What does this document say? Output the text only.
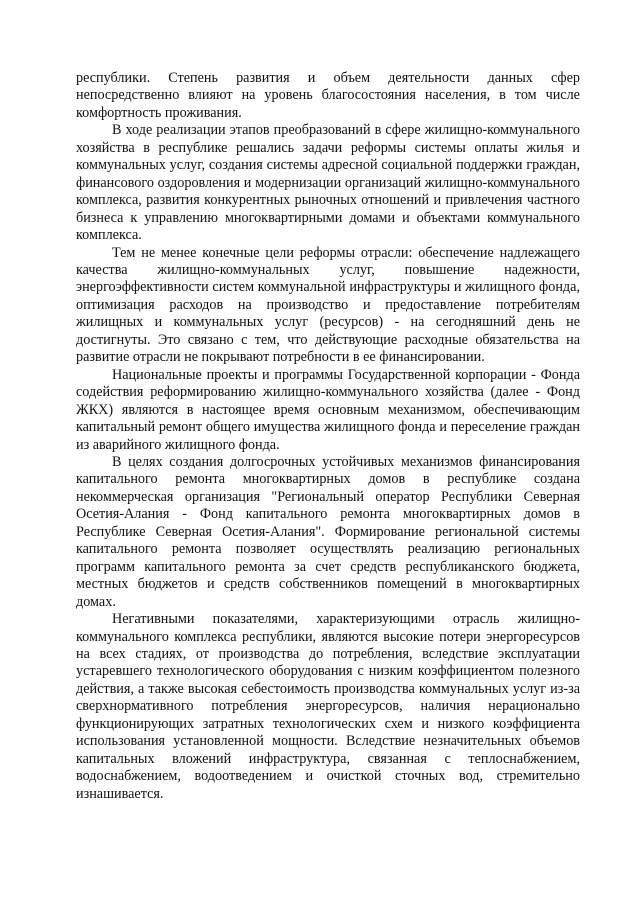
республики. Степень развития и объем деятельности данных сфер непосредственно влияют на уровень благосостояния населения, в том числе комфортность проживания.

В ходе реализации этапов преобразований в сфере жилищно-коммунального хозяйства в республике решались задачи реформы системы оплаты жилья и коммунальных услуг, создания системы адресной социальной поддержки граждан, финансового оздоровления и модернизации организаций жилищно-коммунального комплекса, развития конкурентных рыночных отношений и привлечения частного бизнеса к управлению многоквартирными домами и объектами коммунального комплекса.

Тем не менее конечные цели реформы отрасли: обеспечение надлежащего качества жилищно-коммунальных услуг, повышение надежности, энергоэффективности систем коммунальной инфраструктуры и жилищного фонда, оптимизация расходов на производство и предоставление потребителям жилищных и коммунальных услуг (ресурсов) - на сегодняшний день не достигнуты. Это связано с тем, что действующие расходные обязательства на развитие отрасли не покрывают потребности в ее финансировании.

Национальные проекты и программы Государственной корпорации - Фонда содействия реформированию жилищно-коммунального хозяйства (далее - Фонд ЖКХ) являются в настоящее время основным механизмом, обеспечивающим капитальный ремонт общего имущества жилищного фонда и переселение граждан из аварийного жилищного фонда.

В целях создания долгосрочных устойчивых механизмов финансирования капитального ремонта многоквартирных домов в республике создана некоммерческая организация "Региональный оператор Республики Северная Осетия-Алания - Фонд капитального ремонта многоквартирных домов в Республике Северная Осетия-Алания". Формирование региональной системы капитального ремонта позволяет осуществлять реализацию региональных программ капитального ремонта за счет средств республиканского бюджета, местных бюджетов и средств собственников помещений в многоквартирных домах.

Негативными показателями, характеризующими отрасль жилищно-коммунального комплекса республики, являются высокие потери энергоресурсов на всех стадиях, от производства до потребления, вследствие эксплуатации устаревшего технологического оборудования с низким коэффициентом полезного действия, а также высокая себестоимость производства коммунальных услуг из-за сверхнормативного потребления энергоресурсов, наличия нерационально функционирующих затратных технологических схем и низкого коэффициента использования установленной мощности. Вследствие незначительных объемов капитальных вложений инфраструктура, связанная с теплоснабжением, водоснабжением, водоотведением и очисткой сточных вод, стремительно изнашивается.
